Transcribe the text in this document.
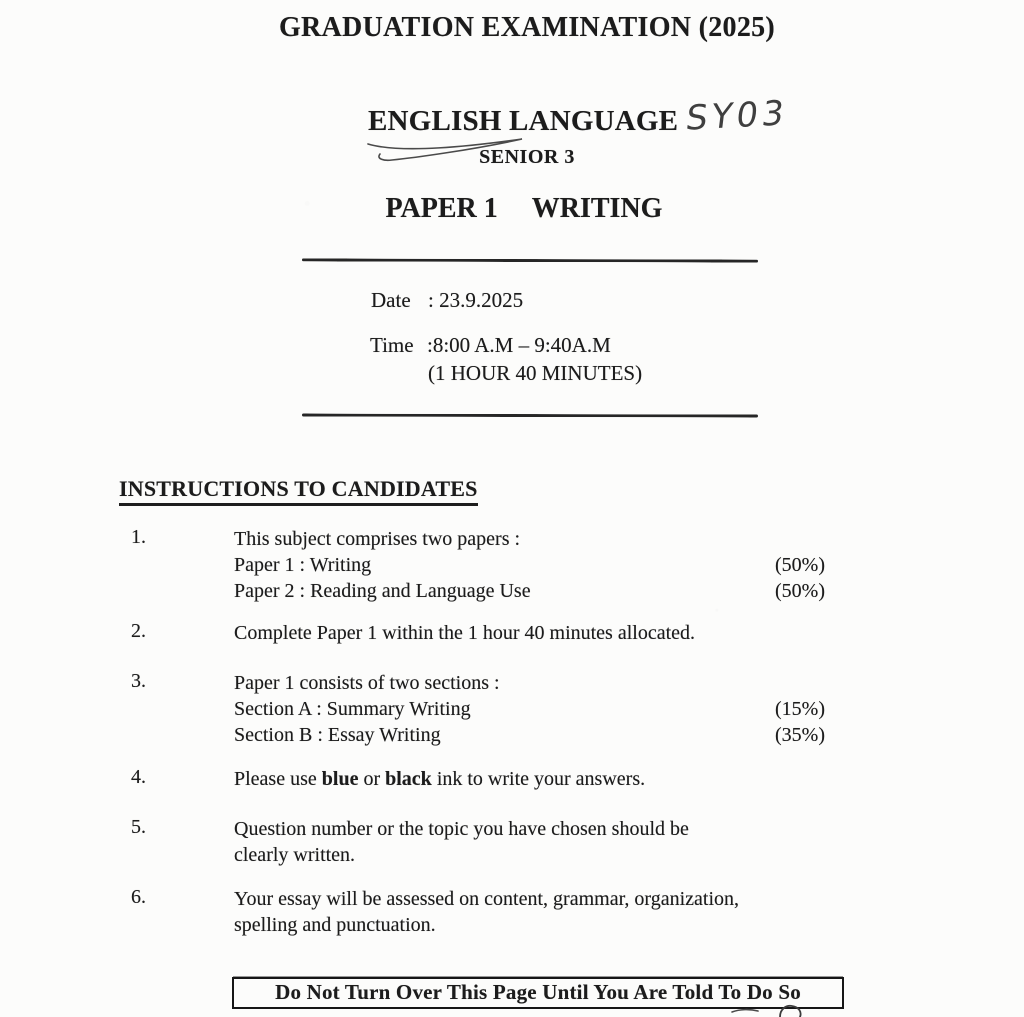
GRADUATION EXAMINATION (2025)
ENGLISH LANGUAGE SY03
SENIOR 3
PAPER 1 WRITING
Date : 23.9.2025
Time :8:00 A.M – 9:40A.M
(1 HOUR 40 MINUTES)
INSTRUCTIONS TO CANDIDATES
1.	This subject comprises two papers :
Paper 1 : Writing	(50%)
Paper 2 : Reading and Language Use	(50%)
2.	Complete Paper 1 within the 1 hour 40 minutes allocated.
3.	Paper 1 consists of two sections :
Section A : Summary Writing	(15%)
Section B : Essay Writing	(35%)
4.	Please use blue or black ink to write your answers.
5.	Question number or the topic you have chosen should be
clearly written.
6.	Your essay will be assessed on content, grammar, organization,
spelling and punctuation.
Do Not Turn Over This Page Until You Are Told To Do So
